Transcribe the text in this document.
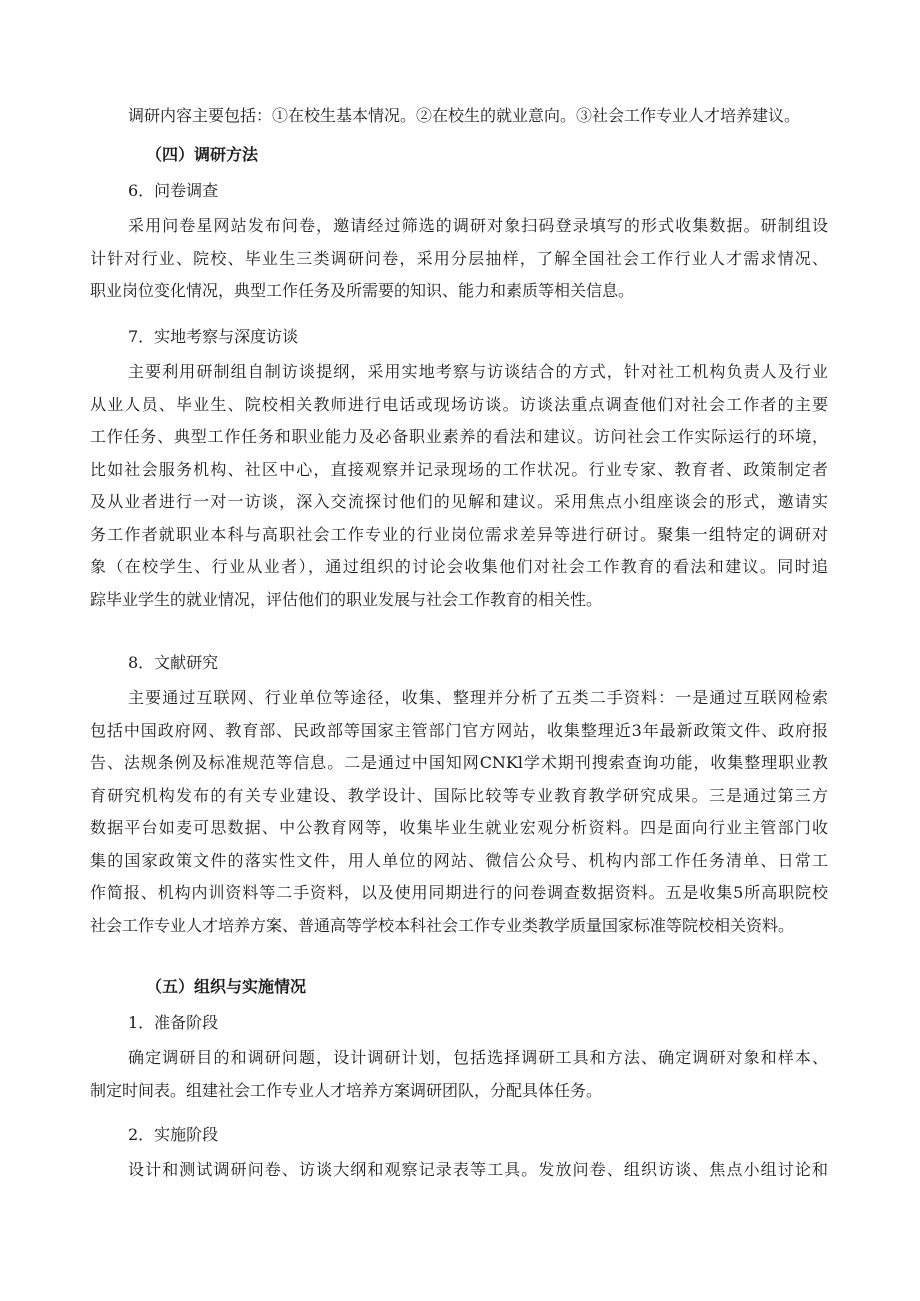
调研内容主要包括：①在校生基本情况。②在校生的就业意向。③社会工作专业人才培养建议。
（四）调研方法
6．问卷调查
采用问卷星网站发布问卷，邀请经过筛选的调研对象扫码登录填写的形式收集数据。研制组设
计针对行业、院校、毕业生三类调研问卷，采用分层抽样，了解全国社会工作行业人才需求情况、
职业岗位变化情况，典型工作任务及所需要的知识、能力和素质等相关信息。
7．实地考察与深度访谈
主要利用研制组自制访谈提纲，采用实地考察与访谈结合的方式，针对社工机构负责人及行业
从业人员、毕业生、院校相关教师进行电话或现场访谈。访谈法重点调查他们对社会工作者的主要
工作任务、典型工作任务和职业能力及必备职业素养的看法和建议。访问社会工作实际运行的环境，
比如社会服务机构、社区中心，直接观察并记录现场的工作状况。行业专家、教育者、政策制定者
及从业者进行一对一访谈，深入交流探讨他们的见解和建议。采用焦点小组座谈会的形式，邀请实
务工作者就职业本科与高职社会工作专业的行业岗位需求差异等进行研讨。聚集一组特定的调研对
象（在校学生、行业从业者），通过组织的讨论会收集他们对社会工作教育的看法和建议。同时追
踪毕业学生的就业情况，评估他们的职业发展与社会工作教育的相关性。
8．文献研究
主要通过互联网、行业单位等途径，收集、整理并分析了五类二手资料：一是通过互联网检索
包括中国政府网、教育部、民政部等国家主管部门官方网站，收集整理近3年最新政策文件、政府报
告、法规条例及标准规范等信息。二是通过中国知网CNKl学术期刊搜索查询功能，收集整理职业教
育研究机构发布的有关专业建设、教学设计、国际比较等专业教育教学研究成果。三是通过第三方
数据平台如麦可思数据、中公教育网等，收集毕业生就业宏观分析资料。四是面向行业主管部门收
集的国家政策文件的落实性文件，用人单位的网站、微信公众号、机构内部工作任务清单、日常工
作简报、机构内训资料等二手资料，以及使用同期进行的问卷调查数据资料。五是收集5所高职院校
社会工作专业人才培养方案、普通高等学校本科社会工作专业类教学质量国家标准等院校相关资料。
（五）组织与实施情况
1．准备阶段
确定调研目的和调研问题，设计调研计划，包括选择调研工具和方法、确定调研对象和样本、
制定时间表。组建社会工作专业人才培养方案调研团队，分配具体任务。
2．实施阶段
设计和测试调研问卷、访谈大纲和观察记录表等工具。发放问卷、组织访谈、焦点小组讨论和
